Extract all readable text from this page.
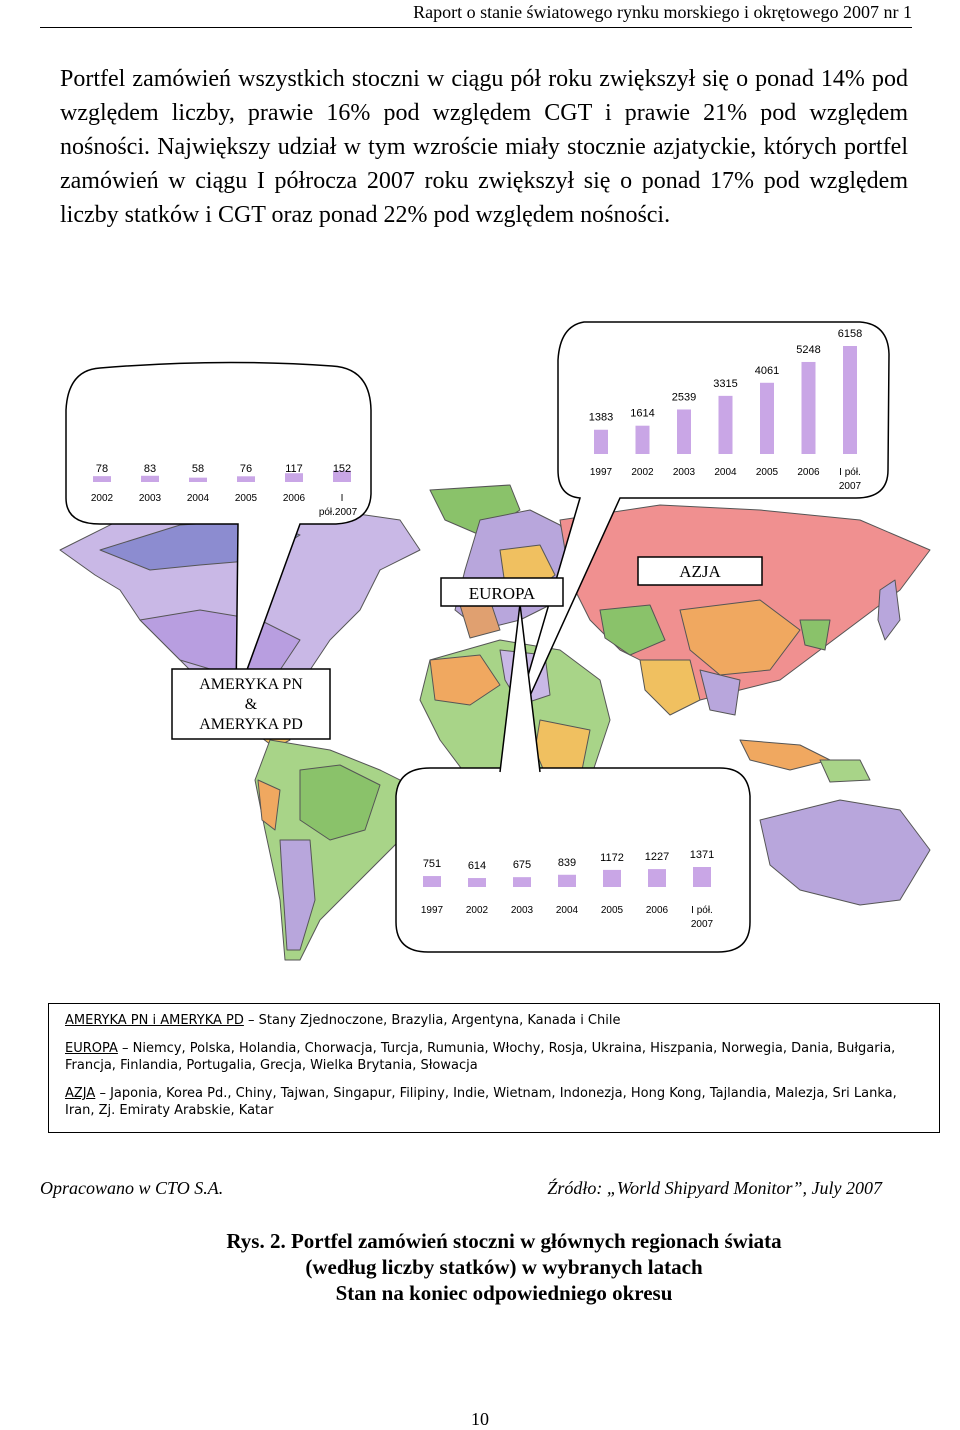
Raport o stanie światowego rynku morskiego i okrętowego 2007 nr 1

Portfel zamówień wszystkich stoczni w ciągu pół roku zwiększył się o ponad 14% pod względem liczby, prawie 16% pod względem CGT i prawie 21% pod względem nośności. Największy udział w tym wzroście miały stocznie azjatyckie, których portfel zamówień w ciągu I półrocza 2007 roku zwiększył się o ponad 17% pod względem liczby statków i CGT oraz ponad 22% pod względem nośności.

78
2002
83
2003
58
2004
76
2005
117
2006
152
I
pół.2007
1383
1997
1614
2002
2539
2003
3315
2004
4061
2005
5248
2006
6158
I pół.
2007
751
1997
614
2002
675
2003
839
2004
1172
2005
1227
2006
1371
I pół.
2007
EUROPA
AZJA
AMERYKA PN
&
AMERYKA PD

AMERYKA PN i AMERYKA PD – Stany Zjednoczone, Brazylia, Argentyna, Kanada i Chile

EUROPA – Niemcy, Polska, Holandia, Chorwacja, Turcja, Rumunia, Włochy, Rosja, Ukraina, Hiszpania, Norwegia, Dania, Bułgaria, Francja, Finlandia, Portugalia, Grecja, Wielka Brytania, Słowacja

AZJA – Japonia, Korea Pd., Chiny, Tajwan, Singapur, Filipiny, Indie, Wietnam, Indonezja, Hong Kong, Tajlandia, Malezja, Sri Lanka, Iran, Zj. Emiraty Arabskie, Katar

Opracowano w CTO S.A.	Źródło: „World Shipyard Monitor”, July 2007
Rys. 2. Portfel zamówień stoczni w głównych regionach świata
(według liczby statków) w wybranych latach
Stan na koniec odpowiedniego okresu
10
